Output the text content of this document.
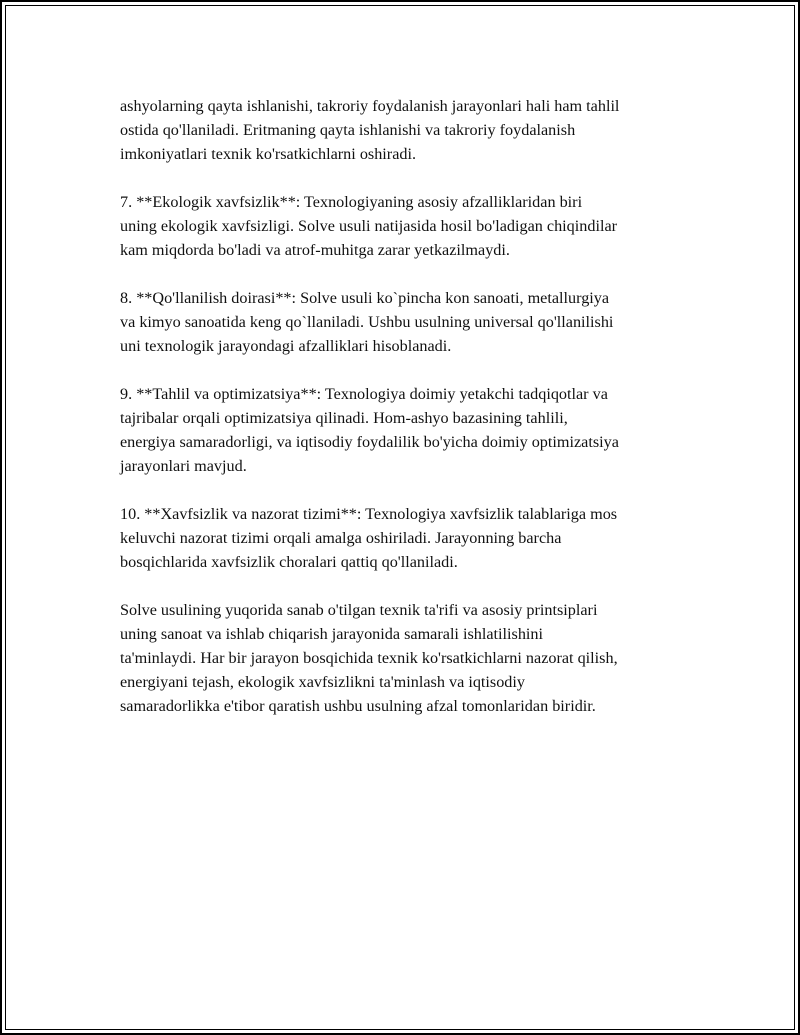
ashyolarning qayta ishlanishi, takroriy foydalanish jarayonlari hali ham tahlil
ostida qo'llaniladi. Eritmaning qayta ishlanishi va takroriy foydalanish
imkoniyatlari texnik ko'rsatkichlarni oshiradi.

7. **Ekologik xavfsizlik**: Texnologiyaning asosiy afzalliklaridan biri
uning ekologik xavfsizligi. Solve usuli natijasida hosil bo'ladigan chiqindilar
kam miqdorda bo'ladi va atrof-muhitga zarar yetkazilmaydi.

8. **Qo'llanilish doirasi**: Solve usuli ko`pincha kon sanoati, metallurgiya
va kimyo sanoatida keng qo`llaniladi. Ushbu usulning universal qo'llanilishi
uni texnologik jarayondagi afzalliklari hisoblanadi.

9. **Tahlil va optimizatsiya**: Texnologiya doimiy yetakchi tadqiqotlar va
tajribalar orqali optimizatsiya qilinadi. Hom-ashyo bazasining tahlili,
energiya samaradorligi, va iqtisodiy foydalilik bo'yicha doimiy optimizatsiya
jarayonlari mavjud.

10. **Xavfsizlik va nazorat tizimi**: Texnologiya xavfsizlik talablariga mos
keluvchi nazorat tizimi orqali amalga oshiriladi. Jarayonning barcha
bosqichlarida xavfsizlik choralari qattiq qo'llaniladi.

Solve usulining yuqorida sanab o'tilgan texnik ta'rifi va asosiy printsiplari
uning sanoat va ishlab chiqarish jarayonida samarali ishlatilishini
ta'minlaydi. Har bir jarayon bosqichida texnik ko'rsatkichlarni nazorat qilish,
energiyani tejash, ekologik xavfsizlikni ta'minlash va iqtisodiy
samaradorlikka e'tibor qaratish ushbu usulning afzal tomonlaridan biridir.
